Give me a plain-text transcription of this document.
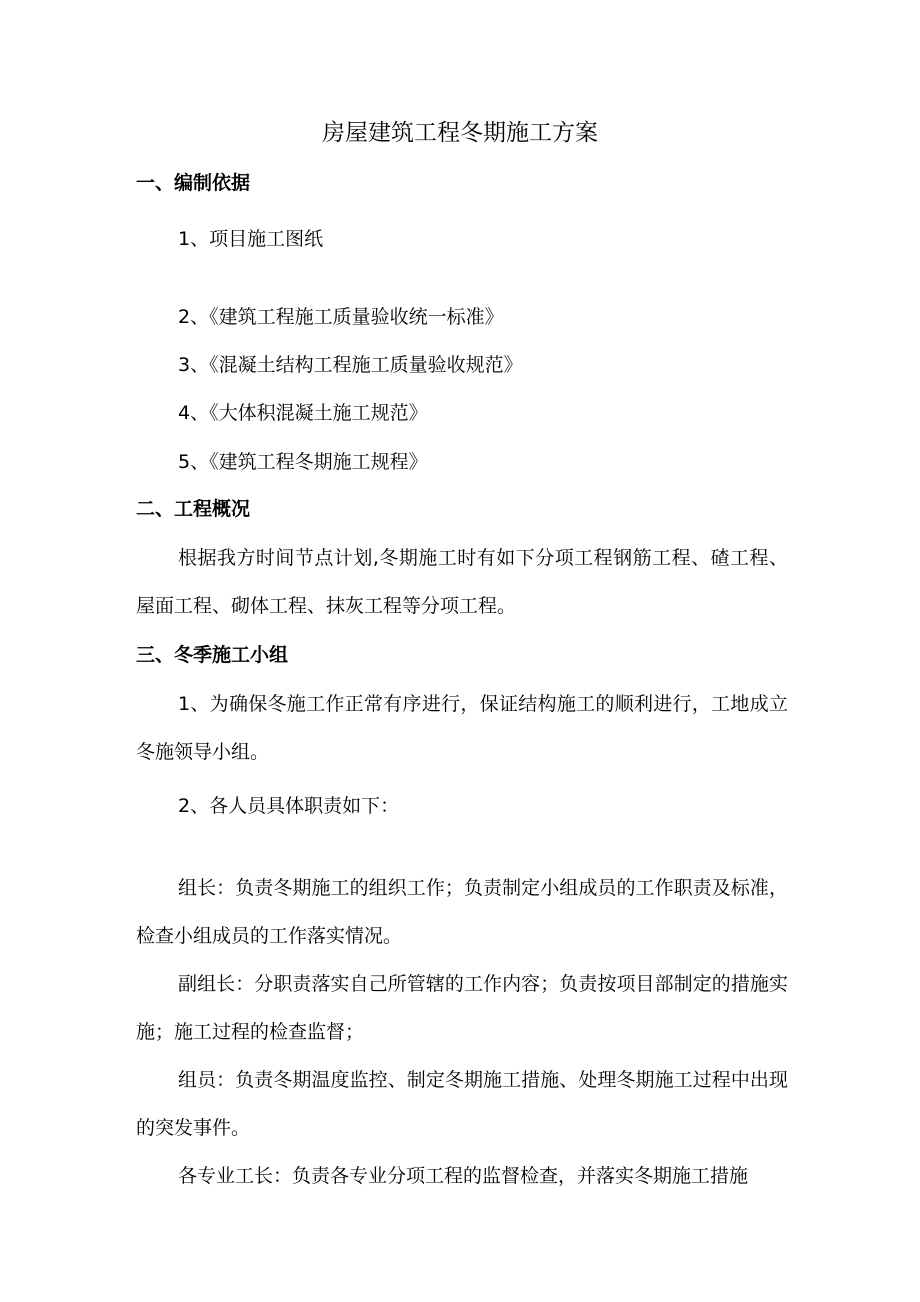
房屋建筑工程冬期施工方案
一、编制依据
1、项目施工图纸
2、《建筑工程施工质量验收统一标准》
3、《混凝土结构工程施工质量验收规范》
4、《大体积混凝土施工规范》
5、《建筑工程冬期施工规程》
二、工程概况
根据我方时间节点计划,冬期施工时有如下分项工程钢筋工程、碴工程、屋面工程、砌体工程、抹灰工程等分项工程。
三、冬季施工小组
1、为确保冬施工作正常有序进行，保证结构施工的顺利进行，工地成立冬施领导小组。
2、各人员具体职责如下：
组长：负责冬期施工的组织工作；负责制定小组成员的工作职责及标准，检查小组成员的工作落实情况。
副组长：分职责落实自己所管辖的工作内容；负责按项目部制定的措施实施；施工过程的检查监督；
组员：负责冬期温度监控、制定冬期施工措施、处理冬期施工过程中出现的突发事件。
各专业工长：负责各专业分项工程的监督检查，并落实冬期施工措施
